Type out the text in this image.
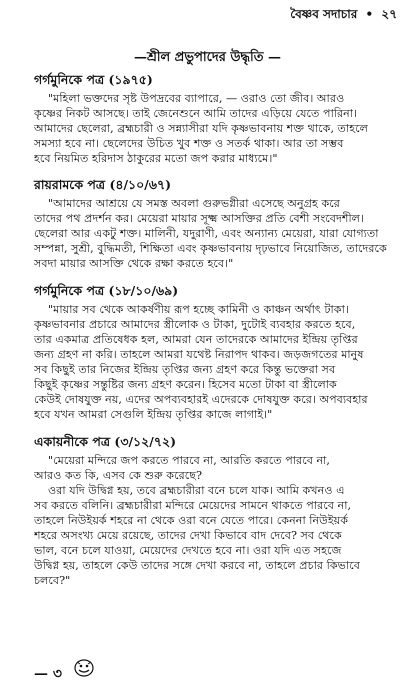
বৈষ্ণব সদাচার • ২৭
—শ্রীল প্রভুপাদের উদ্ধৃতি —
গর্গমুনিকে পত্র (১৯৭৫)
"মহিলা ভক্তদের সৃষ্ট উপদ্রবের ব্যাপারে, — ওরাও তো জীব। আরও
কৃষ্ণের নিকট আসছে। তাই জেনেশুনে আমি তাদের এড়িয়ে যেতে পারিনা।
আমাদের ছেলেরা, ব্রহ্মচারী ও সন্ন্যাসীরা যদি কৃষ্ণভাবনায় শক্ত থাকে, তাহলে
সমস্যা হবে না। ছেলেদের উচিত খুব শক্ত ও সতর্ক থাকা। আর তা সম্ভব
হবে নিয়মিত হরিদাস ঠাকুরের মতো জপ করার মাধ্যমে।"
রায়রামকে পত্র (৪/১০/৬৭)
"আমাদের আশ্রয়ে যে সমস্ত অবলা গুরুভগ্নীরা এসেছে অনুগ্রহ করে
তাদের পথ প্রদর্শন কর। মেয়েরা মায়ার সূক্ষ্ম আসক্তির প্রতি বেশী সংবেদশীল।
ছেলেরা আর একটু শক্ত। মালিনী, যদুরাণী, এবং অন্যান্য মেয়েরা, যারা যোগ্যতা
সম্পন্না, সুশ্রী, বুদ্ধিমতী, শিক্ষিতা এবং কৃষ্ণভাবনায় দৃঢ়ভাবে নিয়োজিত, তাদেরকে
সবদা মায়ার আসক্তি থেকে রক্ষা করতে হবে।"
গর্গমুনিকে পত্র (১৮/১০/৬৯)
"মায়ার সব থেকে আকর্ষণীয় রূপ হচ্ছে কামিনী ও কাঞ্চন অর্থাৎ টাকা।
কৃষ্ণভাবনার প্রচারে আমাদের স্ত্রীলোক ও টাকা, দুটোই ব্যবহার করতে হবে,
তার একমাত্র প্রতিষেধক হল, আমরা যেন তাদেরকে আমাদের ইন্দ্রিয় তৃপ্তির
জন্য গ্রহণ না করি। তাহলে আমরা যথেষ্ট নিরাপদ থাকব। জড়জগতের মানুষ
সব কিছুই তার নিজের ইন্দ্রিয় তৃপ্তির জন্য গ্রহণ করে কিন্তু ভক্তেরা সব
কিছুই কৃষ্ণের সন্তুষ্টির জন্য গ্রহণ করেন। হিসেব মতো টাকা বা স্ত্রীলোক
কেউই দোষযুক্ত নয়, এদের অপব্যবহারই এদেরকে দোষযুক্ত করে। অপব্যবহার
হবে যখন আমরা সেগুলি ইন্দ্রিয় তৃপ্তির কাজে লাগাই।"
একায়নীকে পত্র (৩/১২/৭২)
"মেয়েরা মন্দিরে জপ করতে পারবে না, আরতি করতে পারবে না,
আরও কত কি, এসব কে শুরু করেছে?
ওরা যদি উদ্বিগ্ন হয়, তবে ব্রহ্মচারীরা বনে চলে যাক। আমি কখনও এ
সব করতে বলিনি। ব্রহ্মচারীরা মন্দিরে মেয়েদের সামনে থাকতে পারবে না,
তাহলে নিউইয়র্ক শহরে না থেকে ওরা বনে যেতে পারে। কেননা নিউইয়র্ক
শহরে অসংখ্য মেয়ে রয়েছে, তাদের দেখা কিভাবে বাদ দেবে? সব থেকে
ভাল, বনে চলে যাওয়া, মেয়েদের দেখতে হবে না। ওরা যদি এত সহজে
উদ্বিগ্ন হয়, তাহলে কেউ তাদের সঙ্গে দেখা করবে না, তাহলে প্রচার কিভাবে
চলবে?"
— ৩
